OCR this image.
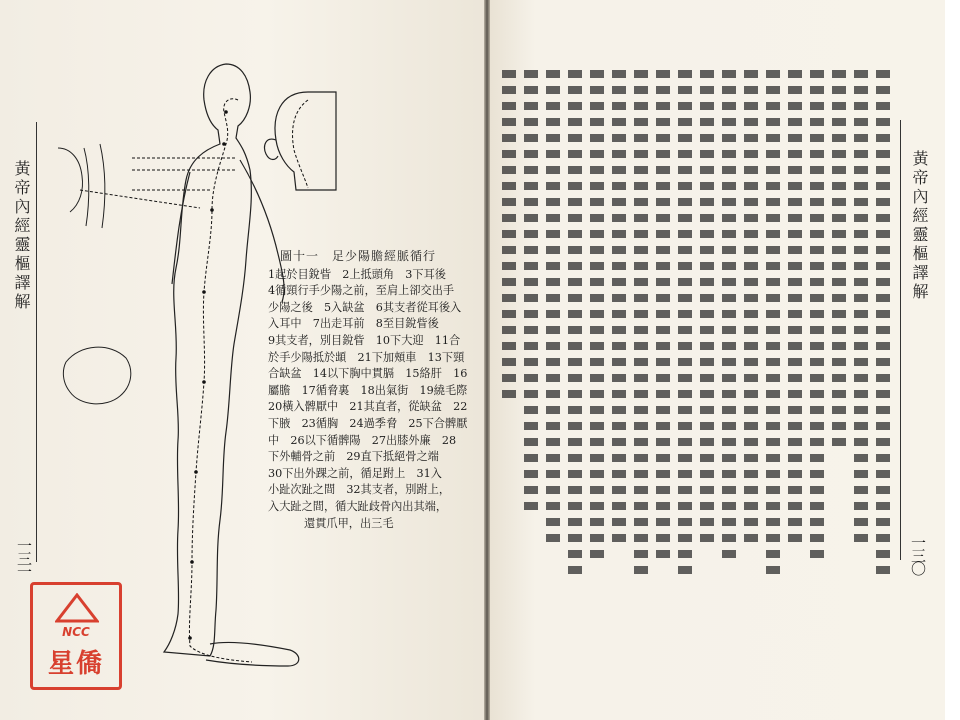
黃帝內經靈樞譯解
一三一
圖十一　足少陽膽經脈循行
1起於目銳眥　2上抵頭角　3下耳後
4循頸行手少陽之前，至肩上卻交出手
少陽之後　5入缺盆　6其支者從耳後入
入耳中　7出走耳前　8至目銳眥後
9其支者，別目銳眥　10下大迎　11合
於手少陽抵於䪼　21下加頰車　13下頸
合缺盆　14以下胸中貫膈　15絡肝　16
屬膽　17循脅裏　18出氣街　19繞毛際
20橫入髀厭中　21其直者，從缺盆　22
下腋　23循胸　24過季脅　25下合髀厭
中　26以下循髀陽　27出膝外廉　28
下外輔骨之前　29直下抵絕骨之端
30下出外踝之前，循足跗上　31入
小趾次趾之間　32其支者，別跗上，
入大趾之間，循大趾歧骨內出其端，
還貫爪甲，出三毛
NCC
星僑
黃帝內經靈樞譯解
一三〇
